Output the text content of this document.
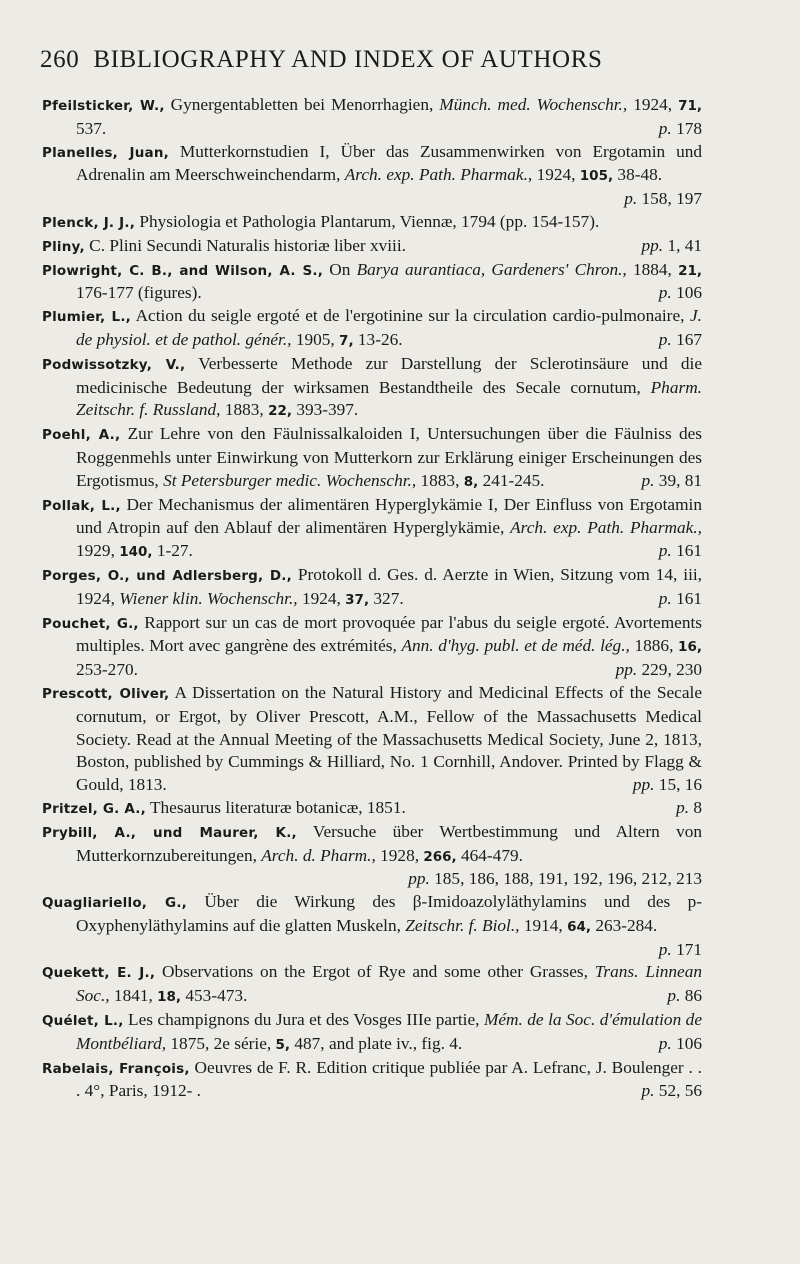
260 BIBLIOGRAPHY AND INDEX OF AUTHORS
Pfeilsticker, W., Gynergentabletten bei Menorrhagien, Münch. med. Wochenschr., 1924, 71, 537.	p. 178
Planelles, Juan, Mutterkornstudien I, Über das Zusammenwirken von Ergotamin und Adrenalin am Meerschweinchendarm, Arch. exp. Path. Pharmak., 1924, 105, 38-48.
p. 158, 197
Plenck, J. J., Physiologia et Pathologia Plantarum, Viennæ, 1794 (pp. 154-157).
Pliny, C. Plini Secundi Naturalis historiæ liber xviii.	pp. 1, 41
Plowright, C. B., and Wilson, A. S., On Barya aurantiaca, Gardeners' Chron., 1884, 21, 176-177 (figures).	p. 106
Plumier, L., Action du seigle ergoté et de l'ergotinine sur la circulation cardio-pulmonaire, J. de physiol. et de pathol. génér., 1905, 7, 13-26.	p. 167
Podwissotzky, V., Verbesserte Methode zur Darstellung der Sclerotinsäure und die medicinische Bedeutung der wirksamen Bestandtheile des Secale cornutum, Pharm. Zeitschr. f. Russland, 1883, 22, 393-397.
Poehl, A., Zur Lehre von den Fäulnissalkaloiden I, Untersuchungen über die Fäulniss des Roggenmehls unter Einwirkung von Mutterkorn zur Erklärung einiger Erscheinungen des Ergotismus, St Petersburger medic. Wochenschr., 1883, 8, 241-245.	p. 39, 81
Pollak, L., Der Mechanismus der alimentären Hyperglykämie I, Der Einfluss von Ergotamin und Atropin auf den Ablauf der alimentären Hyperglykämie, Arch. exp. Path. Pharmak., 1929, 140, 1-27.	p. 161
Porges, O., und Adlersberg, D., Protokoll d. Ges. d. Aerzte in Wien, Sitzung vom 14, iii, 1924, Wiener klin. Wochenschr., 1924, 37, 327.	p. 161
Pouchet, G., Rapport sur un cas de mort provoquée par l'abus du seigle ergoté. Avortements multiples. Mort avec gangrène des extrémités, Ann. d'hyg. publ. et de méd. lég., 1886, 16, 253-270.	pp. 229, 230
Prescott, Oliver, A Dissertation on the Natural History and Medicinal Effects of the Secale cornutum, or Ergot, by Oliver Prescott, A.M., Fellow of the Massachusetts Medical Society. Read at the Annual Meeting of the Massachusetts Medical Society, June 2, 1813, Boston, published by Cummings & Hilliard, No. 1 Cornhill, Andover. Printed by Flagg & Gould, 1813.	pp. 15, 16
Pritzel, G. A., Thesaurus literaturæ botanicæ, 1851.	p. 8
Prybill, A., und Maurer, K., Versuche über Wertbestimmung und Altern von Mutterkornzubereitungen, Arch. d. Pharm., 1928, 266, 464-479.
pp. 185, 186, 188, 191, 192, 196, 212, 213
Quagliariello, G., Über die Wirkung des β-Imidoazolyläthylamins und des p-Oxyphenyläthylamins auf die glatten Muskeln, Zeitschr. f. Biol., 1914, 64, 263-284.
p. 171
Quekett, E. J., Observations on the Ergot of Rye and some other Grasses, Trans. Linnean Soc., 1841, 18, 453-473.	p. 86
Quélet, L., Les champignons du Jura et des Vosges IIIe partie, Mém. de la Soc. d'émulation de Montbéliard, 1875, 2e série, 5, 487, and plate iv., fig. 4.	p. 106
Rabelais, François, Oeuvres de F. R. Edition critique publiée par A. Lefranc, J. Boulenger . . . 4°, Paris, 1912- .	p. 52, 56
